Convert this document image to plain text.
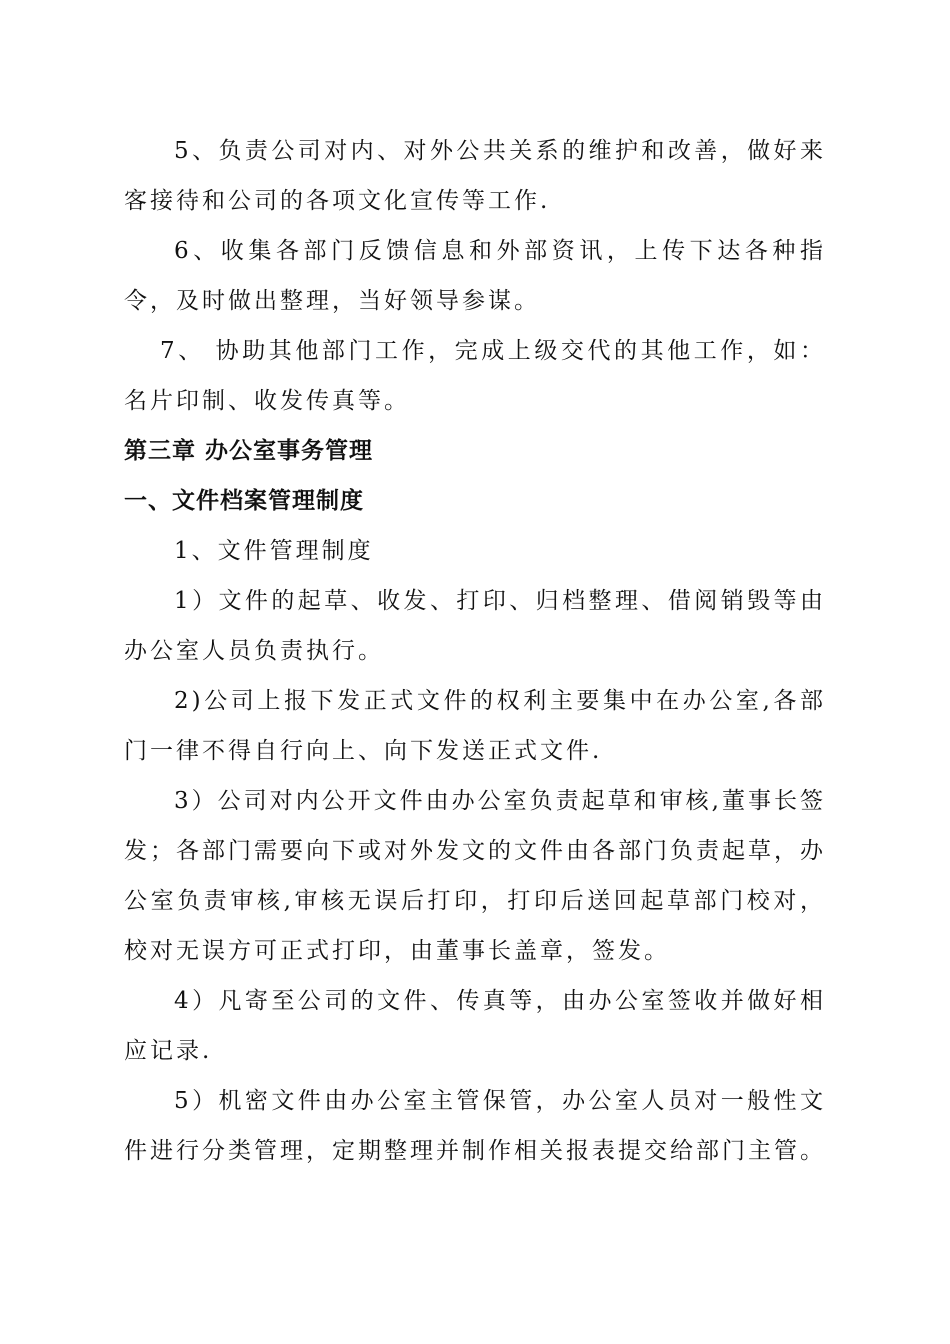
5、负责公司对内、对外公共关系的维护和改善，做好来客接待和公司的各项文化宣传等工作.

6、收集各部门反馈信息和外部资讯，上传下达各种指令，及时做出整理，当好领导参谋。

7、 协助其他部门工作，完成上级交代的其他工作，如：名片印制、收发传真等。

第三章 办公室事务管理

一、文件档案管理制度

1、文件管理制度

1）文件的起草、收发、打印、归档整理、借阅销毁等由办公室人员负责执行。

2)公司上报下发正式文件的权利主要集中在办公室,各部门一律不得自行向上、向下发送正式文件.

3）公司对内公开文件由办公室负责起草和审核,董事长签发；各部门需要向下或对外发文的文件由各部门负责起草，办公室负责审核,审核无误后打印，打印后送回起草部门校对，校对无误方可正式打印，由董事长盖章，签发。

4）凡寄至公司的文件、传真等，由办公室签收并做好相应记录.

5）机密文件由办公室主管保管，办公室人员对一般性文件进行分类管理，定期整理并制作相关报表提交给部门主管。
